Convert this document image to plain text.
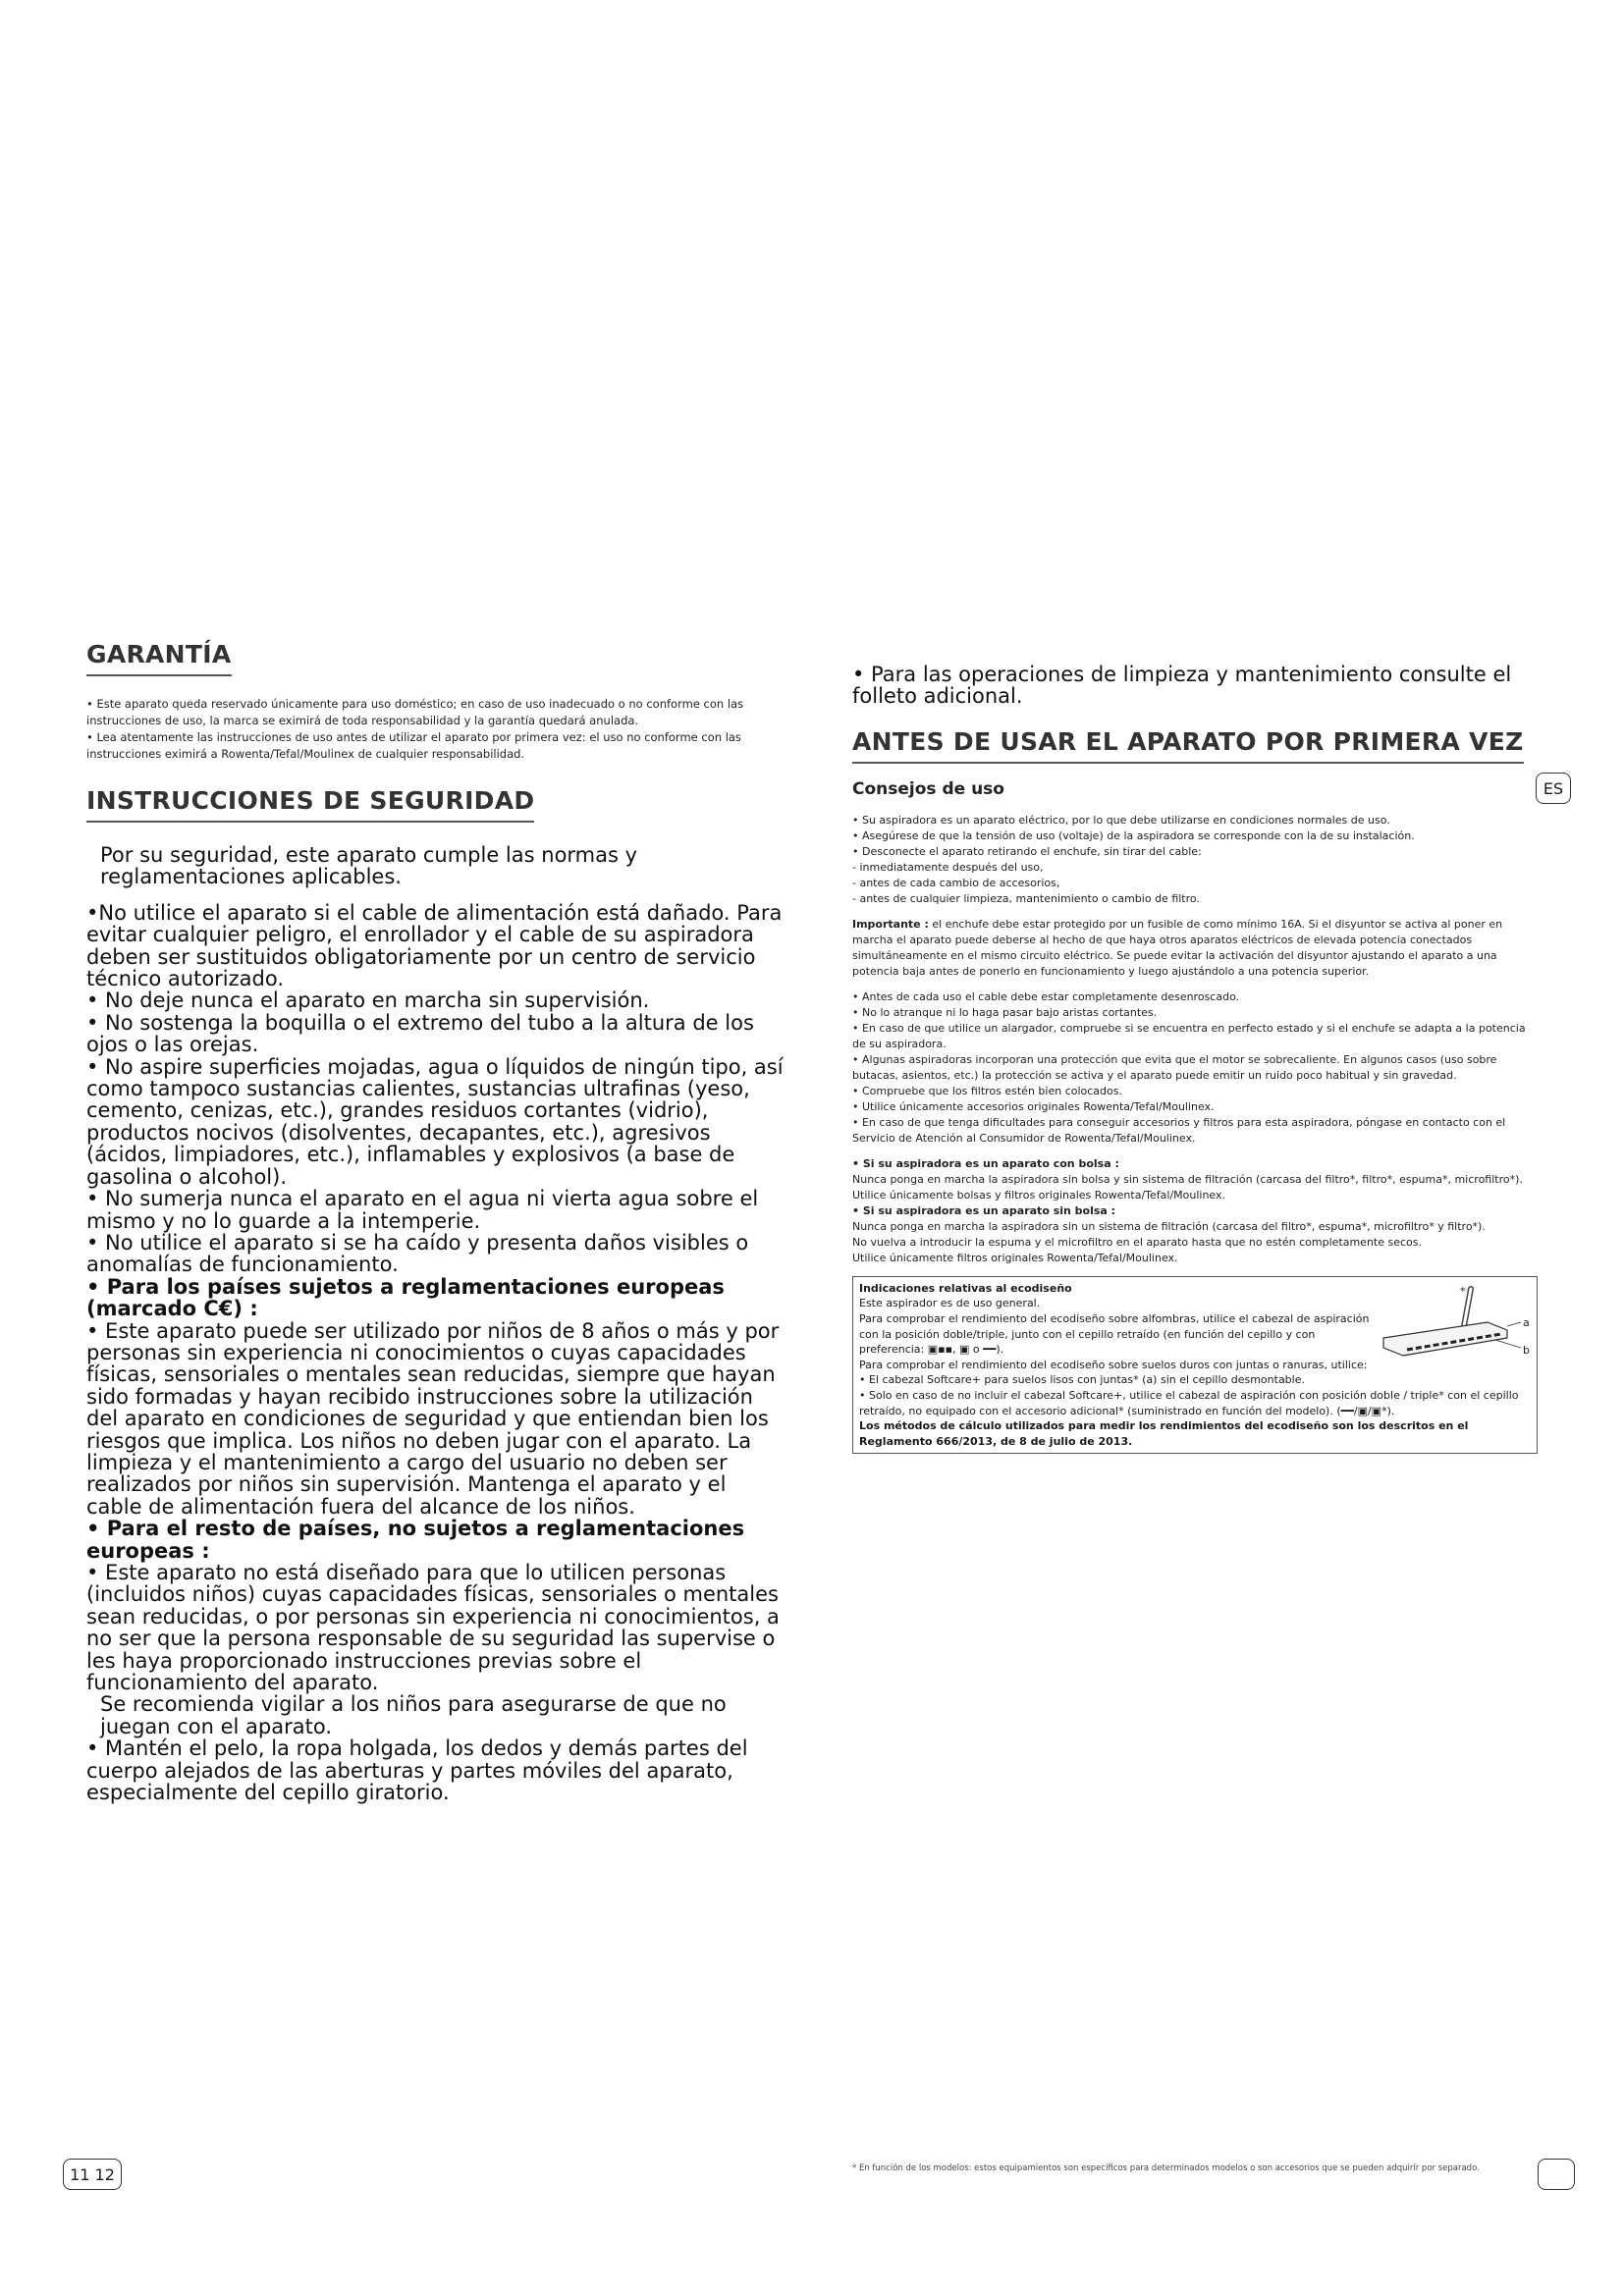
GARANTÍA

• Este aparato queda reservado únicamente para uso doméstico; en caso de uso inadecuado o no conforme con las instrucciones de uso, la marca se eximirá de toda responsabilidad y la garantía quedará anulada.

• Lea atentamente las instrucciones de uso antes de utilizar el aparato por primera vez: el uso no conforme con las instrucciones eximirá a Rowenta/Tefal/Moulinex de cualquier responsabilidad.

INSTRUCCIONES DE SEGURIDAD

Por su seguridad, este aparato cumple las normas y reglamentaciones aplicables.

•No utilice el aparato si el cable de alimentación está dañado. Para evitar cualquier peligro, el enrollador y el cable de su aspiradora deben ser sustituidos obligatoriamente por un centro de servicio técnico autorizado.

• No deje nunca el aparato en marcha sin supervisión.

• No sostenga la boquilla o el extremo del tubo a la altura de los ojos o las orejas.

• No aspire superficies mojadas, agua o líquidos de ningún tipo, así como tampoco sustancias calientes, sustancias ultrafinas (yeso, cemento, cenizas, etc.), grandes residuos cortantes (vidrio), productos nocivos (disolventes, decapantes, etc.), agresivos (ácidos, limpiadores, etc.), inflamables y explosivos (a base de gasolina o alcohol).

• No sumerja nunca el aparato en el agua ni vierta agua sobre el mismo y no lo guarde a la intemperie.

• No utilice el aparato si se ha caído y presenta daños visibles o anomalías de funcionamiento.

• Para los países sujetos a reglamentaciones europeas (marcado C€) :

• Este aparato puede ser utilizado por niños de 8 años o más y por personas sin experiencia ni conocimientos o cuyas capacidades físicas, sensoriales o mentales sean reducidas, siempre que hayan sido formadas y hayan recibido instrucciones sobre la utilización del aparato en condiciones de seguridad y que entiendan bien los riesgos que implica. Los niños no deben jugar con el aparato. La limpieza y el mantenimiento a cargo del usuario no deben ser realizados por niños sin supervisión. Mantenga el aparato y el cable de alimentación fuera del alcance de los niños.

• Para el resto de países, no sujetos a reglamentaciones europeas :

• Este aparato no está diseñado para que lo utilicen personas (incluidos niños) cuyas capacidades físicas, sensoriales o mentales sean reducidas, o por personas sin experiencia ni conocimientos, a no ser que la persona responsable de su seguridad las supervise o les haya proporcionado instrucciones previas sobre el funcionamiento del aparato.

Se recomienda vigilar a los niños para asegurarse de que no juegan con el aparato.

• Mantén el pelo, la ropa holgada, los dedos y demás partes del cuerpo alejados de las aberturas y partes móviles del aparato, especialmente del cepillo giratorio.

11 12

• Para las operaciones de limpieza y mantenimiento consulte el folleto adicional.

ANTES DE USAR EL APARATO POR PRIMERA VEZ
Consejos de uso

• Su aspiradora es un aparato eléctrico, por lo que debe utilizarse en condiciones normales de uso.

• Asegúrese de que la tensión de uso (voltaje) de la aspiradora se corresponde con la de su instalación.

• Desconecte el aparato retirando el enchufe, sin tirar del cable:

- inmediatamente después del uso,

- antes de cada cambio de accesorios,

- antes de cualquier limpieza, mantenimiento o cambio de filtro.

Importante : el enchufe debe estar protegido por un fusible de como mínimo 16A. Si el disyuntor se activa al poner en marcha el aparato puede deberse al hecho de que haya otros aparatos eléctricos de elevada potencia conectados simultáneamente en el mismo circuito eléctrico. Se puede evitar la activación del disyuntor ajustando el aparato a una potencia baja antes de ponerlo en funcionamiento y luego ajustándolo a una potencia superior.

• Antes de cada uso el cable debe estar completamente desenroscado.

• No lo atranque ni lo haga pasar bajo aristas cortantes.

• En caso de que utilice un alargador, compruebe si se encuentra en perfecto estado y si el enchufe se adapta a la potencia de su aspiradora.

• Algunas aspiradoras incorporan una protección que evita que el motor se sobrecaliente. En algunos casos (uso sobre butacas, asientos, etc.) la protección se activa y el aparato puede emitir un ruido poco habitual y sin gravedad.

• Compruebe que los filtros estén bien colocados.

• Utilice únicamente accesorios originales Rowenta/Tefal/Moulinex.

• En caso de que tenga dificultades para conseguir accesorios y filtros para esta aspiradora, póngase en contacto con el Servicio de Atención al Consumidor de Rowenta/Tefal/Moulinex.

• Si su aspiradora es un aparato con bolsa :

Nunca ponga en marcha la aspiradora sin bolsa y sin sistema de filtración (carcasa del filtro*, filtro*, espuma*, microfiltro*).

Utilice únicamente bolsas y filtros originales Rowenta/Tefal/Moulinex.

• Si su aspiradora es un aparato sin bolsa :

Nunca ponga en marcha la aspiradora sin un sistema de filtración (carcasa del filtro*, espuma*, microfiltro* y filtro*).

No vuelva a introducir la espuma y el microfiltro en el aparato hasta que no estén completamente secos.

Utilice únicamente filtros originales Rowenta/Tefal/Moulinex.

Indicaciones relativas al ecodiseño

Este aspirador es de uso general.

Para comprobar el rendimiento del ecodiseño sobre alfombras, utilice el cabezal de aspiración con la posición doble/triple, junto con el cepillo retraído (en función del cepillo y con preferencia: ▣▪▪, ▣ o ━━).

Para comprobar el rendimiento del ecodiseño sobre suelos duros con juntas o ranuras, utilice:

• El cabezal Softcare+ para suelos lisos con juntas* (a) sin el cepillo desmontable.

• Solo en caso de no incluir el cabezal Softcare+, utilice el cabezal de aspiración con posición doble / triple* con el cepillo retraído, no equipado con el accesorio adicional* (suministrado en función del modelo). (━━/▣/▣*).

Los métodos de cálculo utilizados para medir los rendimientos del ecodiseño son los descritos en el Reglamento 666/2013, de 8 de julio de 2013.

a
b
*
ES
* En función de los modelos: estos equipamientos son específicos para determinados modelos o son accesorios que se pueden adquirir por separado.
